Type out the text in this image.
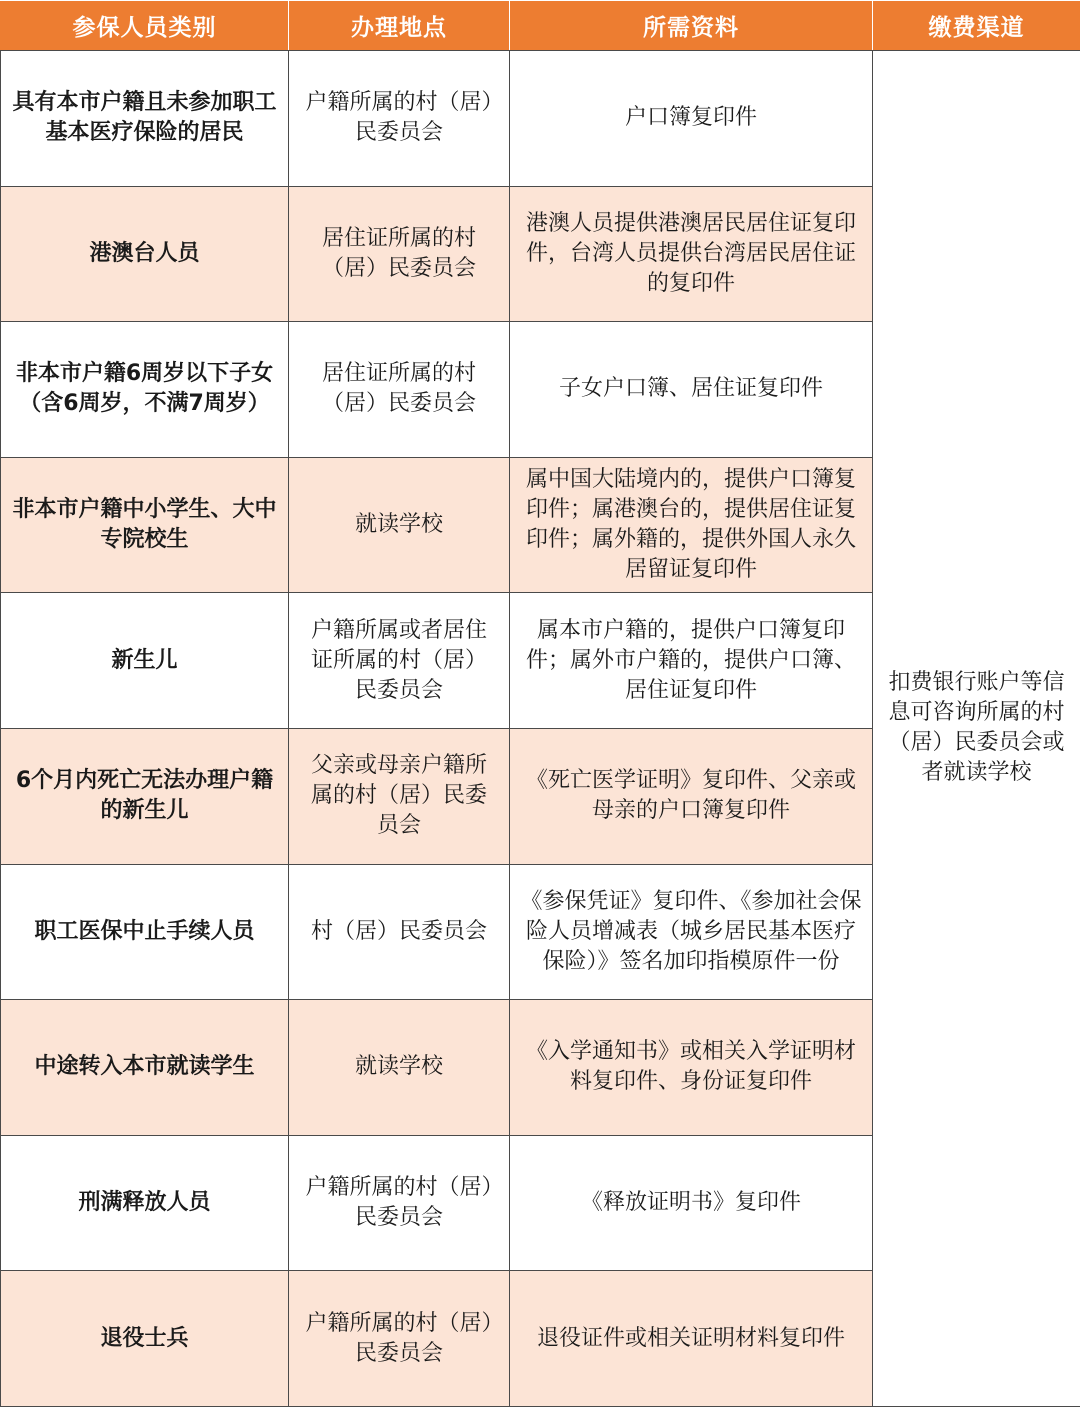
参保人员类别	办理地点	所需资料	缴费渠道
具有本市户籍且未参加职工基本医疗保险的居民	户籍所属的村（居）民委员会	户口簿复印件	扣费银行账户等信息可咨询所属的村（居）民委员会或者就读学校
港澳台人员	居住证所属的村（居）民委员会	港澳人员提供港澳居民居住证复印件，台湾人员提供台湾居民居住证的复印件	
非本市户籍6周岁以下子女（含6周岁，不满7周岁）	居住证所属的村（居）民委员会	子女户口簿、居住证复印件	
非本市户籍中小学生、大中专院校生	就读学校	属中国大陆境内的，提供户口簿复印件；属港澳台的，提供居住证复印件；属外籍的，提供外国人永久居留证复印件	
新生儿	户籍所属或者居住证所属的村（居）民委员会	属本市户籍的，提供户口簿复印件；属外市户籍的，提供户口簿、居住证复印件	
6个月内死亡无法办理户籍的新生儿	父亲或母亲户籍所属的村（居）民委员会	《死亡医学证明》复印件、父亲或母亲的户口簿复印件	
职工医保中止手续人员	村（居）民委员会	《参保凭证》复印件、《参加社会保险人员增减表（城乡居民基本医疗保险）》签名加印指模原件一份	
中途转入本市就读学生	就读学校	《入学通知书》或相关入学证明材料复印件、身份证复印件	
刑满释放人员	户籍所属的村（居）民委员会	《释放证明书》复印件	
退役士兵	户籍所属的村（居）民委员会	退役证件或相关证明材料复印件	
